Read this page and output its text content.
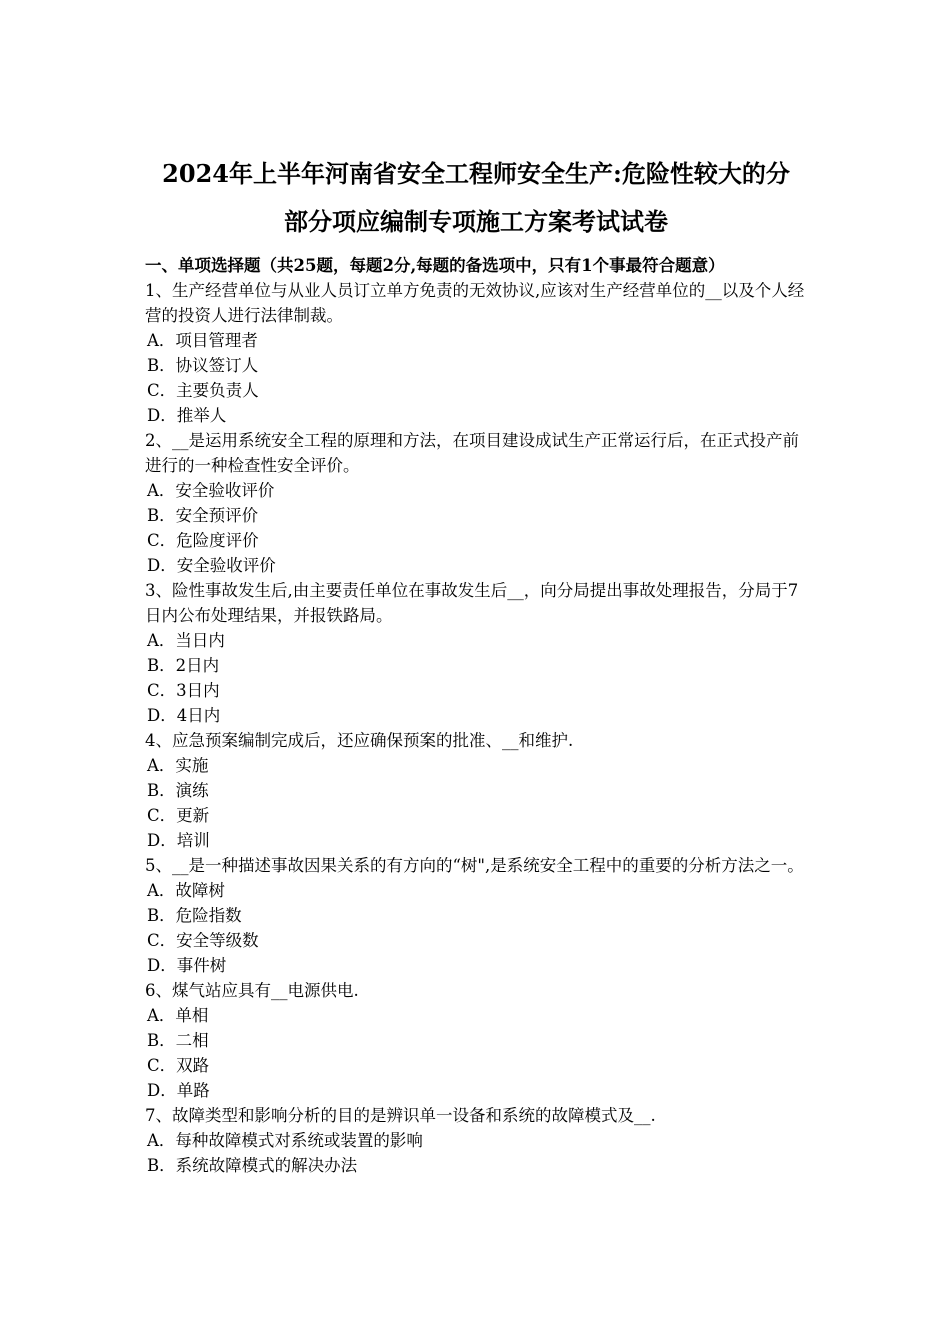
2024年上半年河南省安全工程师安全生产:危险性较大的分
部分项应编制专项施工方案考试试卷
一、单项选择题（共25题，每题2分,每题的备选项中，只有1个事最符合题意）
1、生产经营单位与从业人员订立单方免责的无效协议,应该对生产经营单位的__以及个人经营的投资人进行法律制裁。
A．项目管理者
B．协议签订人
C．主要负责人
D．推举人
2、__是运用系统安全工程的原理和方法，在项目建设成试生产正常运行后，在正式投产前进行的一种检查性安全评价。
A．安全验收评价
B．安全预评价
C．危险度评价
D．安全验收评价
3、险性事故发生后,由主要责任单位在事故发生后__，向分局提出事故处理报告，分局于7日内公布处理结果，并报铁路局。
A．当日内
B．2日内
C．3日内
D．4日内
4、应急预案编制完成后，还应确保预案的批准、__和维护.
A．实施
B．演练
C．更新
D．培训
5、__是一种描述事故因果关系的有方向的“树",是系统安全工程中的重要的分析方法之一。
A．故障树
B．危险指数
C．安全等级数
D．事件树
6、煤气站应具有__电源供电.
A．单相
B．二相
C．双路
D．单路
7、故障类型和影响分析的目的是辨识单一设备和系统的故障模式及__.
A．每种故障模式对系统或装置的影响
B．系统故障模式的解决办法
